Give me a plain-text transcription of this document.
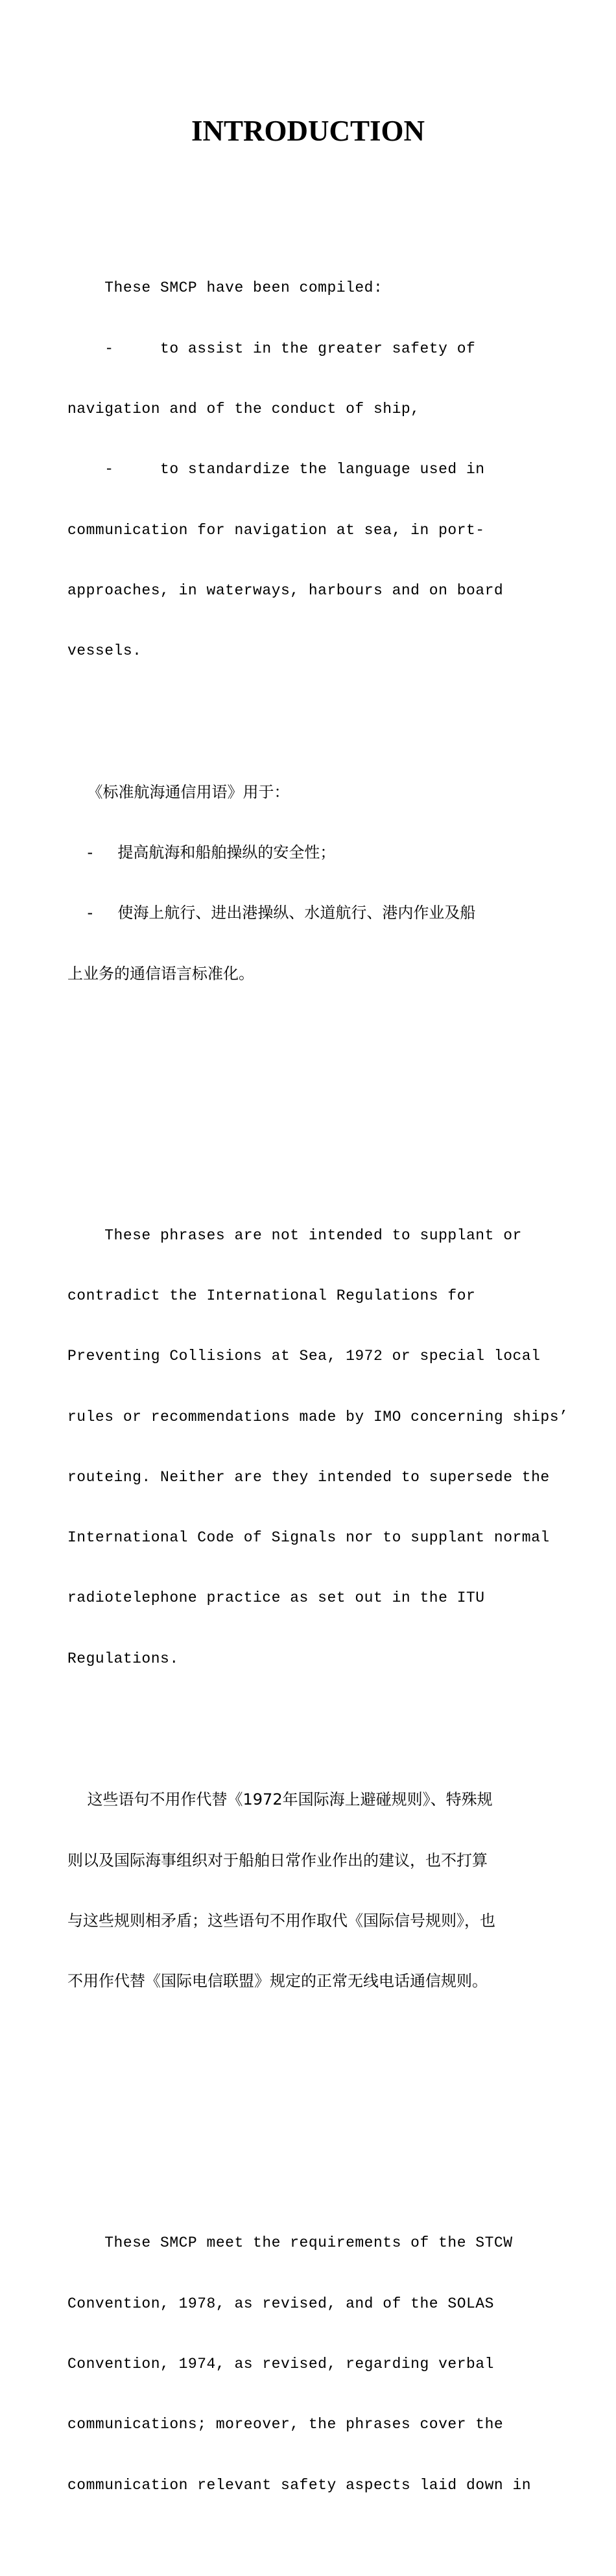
INTRODUCTION

These SMCP have been compiled:

-     to assist in the greater safety of

navigation and of the conduct of ship,

-     to standardize the language used in

communication for navigation at sea, in port-

approaches, in waterways, harbours and on board

vessels.

《标准航海通信用语》用于：

-     提高航海和船舶操纵的安全性；

-     使海上航行、进出港操纵、水道航行、港内作业及船

上业务的通信语言标准化。

These phrases are not intended to supplant or

contradict the International Regulations for

Preventing Collisions at Sea, 1972 or special local

rules or recommendations made by IMO concerning ships’

routeing. Neither are they intended to supersede the

International Code of Signals nor to supplant normal

radiotelephone practice as set out in the ITU

Regulations.

这些语句不用作代替《1972年国际海上避碰规则》、特殊规

则以及国际海事组织对于船舶日常作业作出的建议，也不打算

与这些规则相矛盾；这些语句不用作取代《国际信号规则》，也

不用作代替《国际电信联盟》规定的正常无线电话通信规则。

These SMCP meet the requirements of the STCW

Convention, 1978, as revised, and of the SOLAS

Convention, 1974, as revised, regarding verbal

communications; moreover, the phrases cover the

communication relevant safety aspects laid down in
